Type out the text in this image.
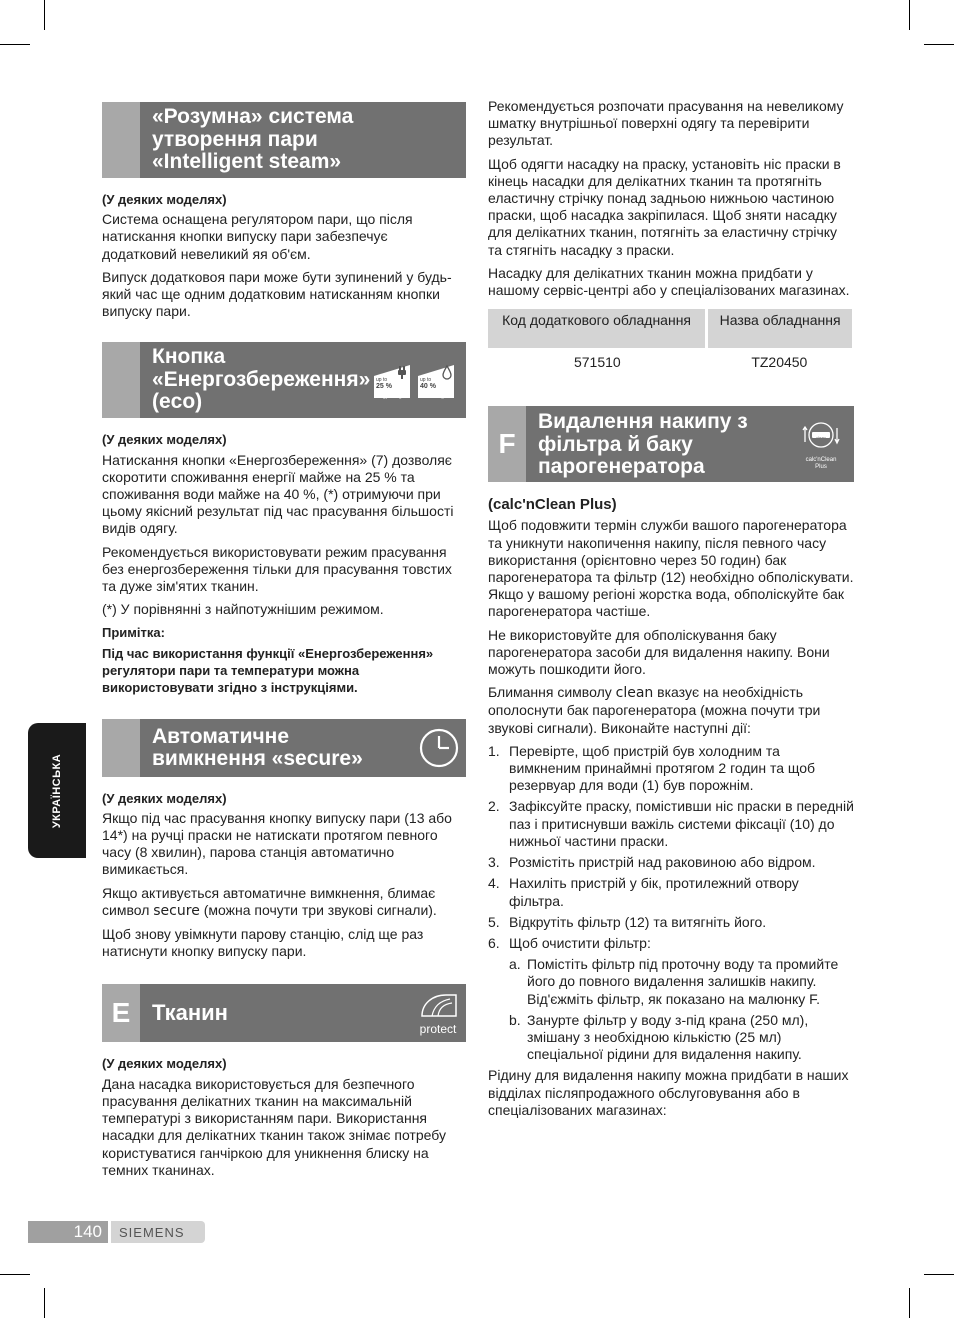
УКРАЇНСЬКА
«Розумна» система
утворення пари
«Intelligent steam»

(У деяких моделях)

Система оснащена регулятором пари, що після натискання кнопки випуску пари забезпечує додатковий невеликий яя об'єм.

Випуск додатковоя пари може бути зупинений у будь-який час ще одним додатковим натисканням кнопки випуску пари.

Кнопка
«Енергозбереження»
(eco)
up to
25 %
energySaving
up to
40 %
waterSaving

(У деяких моделях)

Натискання кнопки «Енергозбереження» (7) дозволяє скоротити споживання енергії майже на 25 % та споживання води майже на 40 %, (*) отримуючи при цьому якісний результат під час прасування більшості видів одягу.

Рекомендується використовувати режим прасування без енергозбереження тільки для прасування товстих та дуже зім'ятих тканин.

(*) У порівнянні з найпотужнішим режимом.

Примітка:

Під час використання функції «Енергозбереження» регулятори пари та температури можна використовувати згідно з інструкціями.

Автоматичне
вимкнення «secure»

(У деяких моделях)

Якщо під час прасування кнопку випуску пари (13 або 14*) на ручці праски не натискати протягом певного часу (8 хвилин), парова станція автоматично вимикається.

Якщо активується автоматичне вимкнення, блимає символ secure (можна почути три звукові сигнали).

Щоб знову увімкнути парову станцію, слід ще раз натиснути кнопку випуску пари.

E Тканин
protect

(У деяких моделях)

Дана насадка використовується для безпечного прасування делікатних тканин на максимальній температурі з використанням пари. Використання насадки для делікатних тканин також знімає потребу користуватися ганчіркою для уникнення блиску на темних тканинах.

Рекомендується розпочати прасування на невеликому шматку внутрішньої поверхні одягу та перевірити результат.

Щоб одягти насадку на праску, установіть ніс праски в кінець насадки для делікатних тканин та протягніть еластичну стрічку понад задньою нижньою частиною праски, щоб насадка закріпилася. Щоб зняти насадку для делікатних тканин, потягніть за еластичну стрічку та стягніть насадку з праски.

Насадку для делікатних тканин можна придбати у нашому сервіс-центрі або у спеціалізованих магазинах.

Код додаткового обладнання	Назва обладнання
571510	TZ20450
F
Видалення накипу з
фільтра й баку
парогенератора
clean
calc'nClean Plus

(calc'nClean Plus)

Щоб подовжити термін служби вашого парогенератора та уникнути накопичення накипу, після певного часу використання (орієнтовно через 50 годин) бак парогенератора та фільтр (12) необхідно обполіскувати. Якщо у вашому регіоні жорстка вода, обполіскуйте бак парогенератора частіше.

Не використовуйте для обполіскування баку парогенератора засоби для видалення накипу. Вони можуть пошкодити його.

Блимання символу clean вказує на необхідність ополоснути бак парогенератора (можна почути три звукові сигнали). Виконайте наступні дії:

1. Перевірте, щоб пристрій був холодним та вимкненим принаймні протягом 2 годин та щоб резервуар для води (1) був порожнім.
2. Зафіксуйте праску, помістивши ніс праски в передній паз і притиснувши важіль системи фіксації (10) до нижньої частини праски.
3. Розмістіть пристрій над раковиною або відром.
4. Нахиліть пристрій у бік, протилежний отвору фільтра.
5. Відкрутіть фільтр (12) та витягніть його.
6. Щоб очистити фільтр:
a. Помістіть фільтр під проточну воду та промийте його до повного видалення залишків накипу. Від'єжміть фільтр, як показано на малюнку F.
b. Занурте фільтр у воду з-під крана (250 мл), змішану з необхідною кількістю (25 мл) спеціальної рідини для видалення накипу.

Рідину для видалення накипу можна придбати в наших відділах післяпродажного обслуговування або в спеціалізованих магазинах:

140	SIEMENS
